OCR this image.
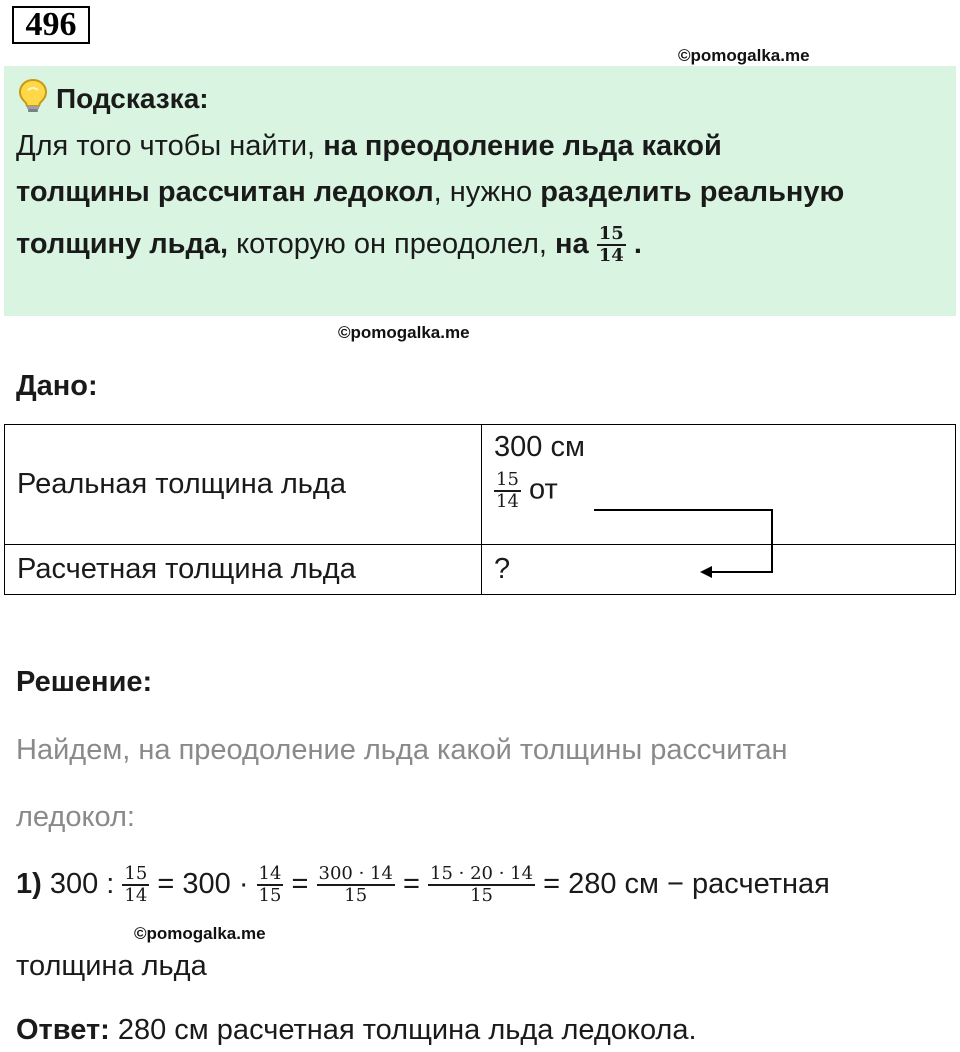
496
©pomogalka.me
Подсказка:
Для того чтобы найти, на преодоление льда какой
толщины рассчитан ледокол, нужно разделить реальную
толщину льда, которую он преодолел, на $\frac{15}{14}$ .
©pomogalka.me
Дано:
Реальная толщина льда	300 см
$\frac{15}{14}$ от

Расчетная толщина льда	?
Решение:
Найдем, на преодоление льда какой толщины рассчитан
ледокол:
1) 300 : $\frac{15}{14} = 300 \cdot \frac{14}{15} = \frac{300 \cdot 14}{15} = \frac{15 \cdot 20 \cdot 14}{15} = 280$ см − расчетная
©pomogalka.me
толщина льда
Ответ: 280 см расчетная толщина льда ледокола.
